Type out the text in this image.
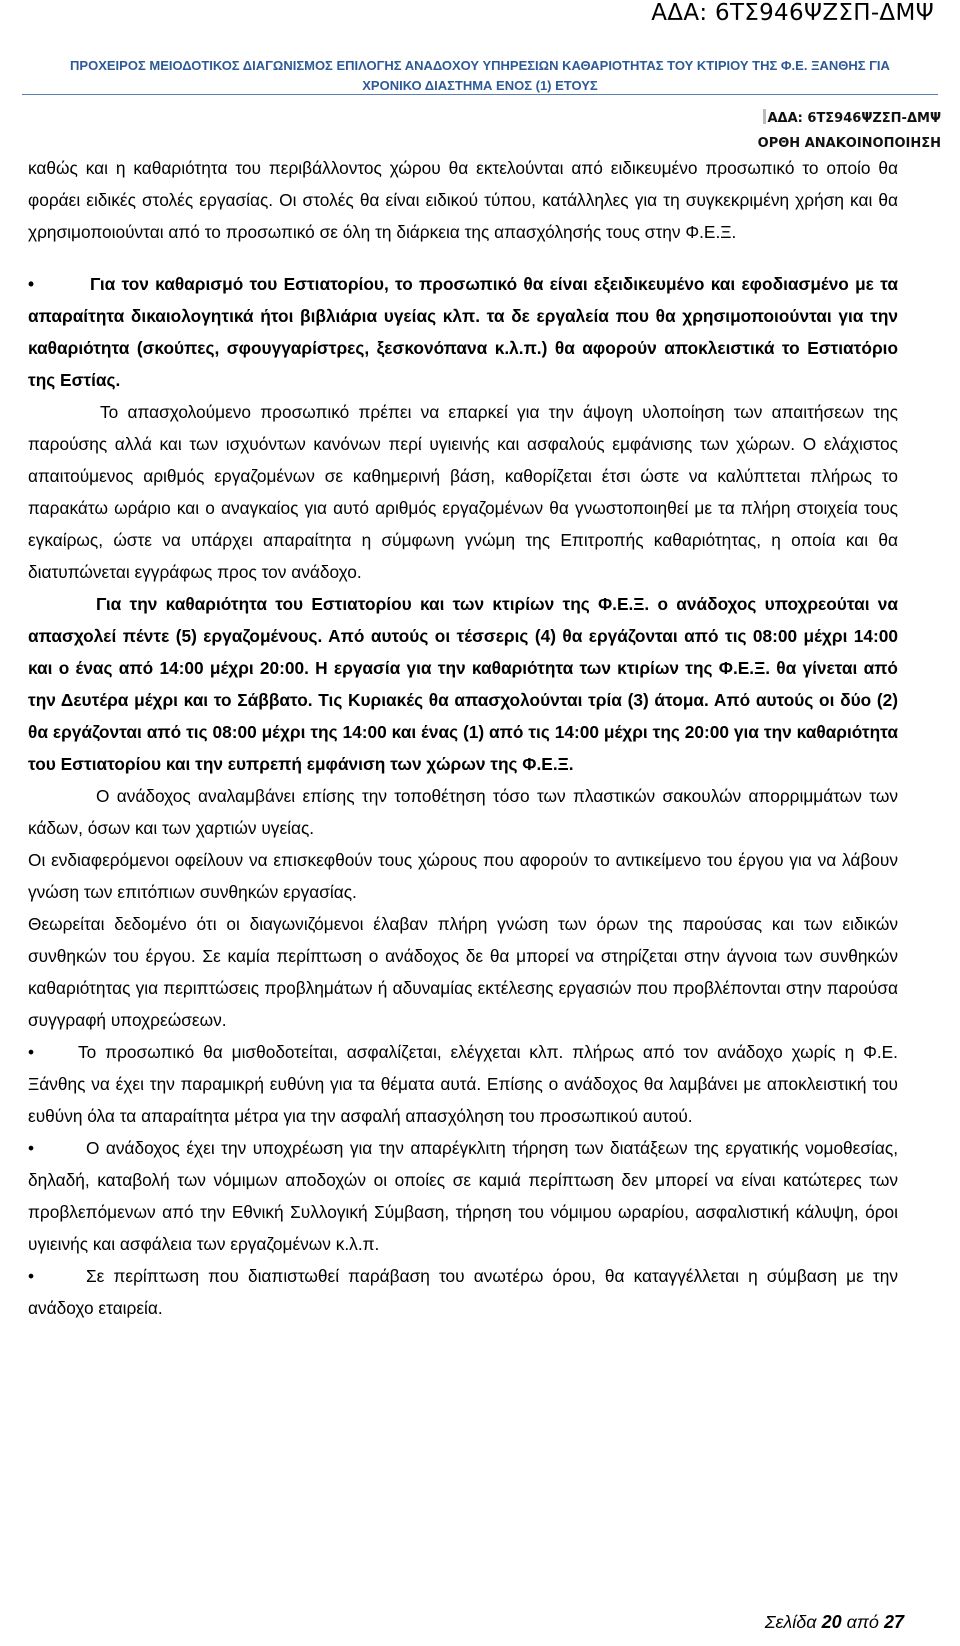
ΑΔΑ: 6ΤΣ946ΨΖΣΠ-ΔΜΨ
ΠΡΟΧΕΙΡΟΣ ΜΕΙΟΔΟΤΙΚΟΣ ΔΙΑΓΩΝΙΣΜΟΣ ΕΠΙΛΟΓΗΣ ΑΝΑΔΟΧΟΥ ΥΠΗΡΕΣΙΩΝ ΚΑΘΑΡΙΟΤΗΤΑΣ ΤΟΥ ΚΤΙΡΙΟΥ ΤΗΣ Φ.Ε. ΞΑΝΘΗΣ ΓΙΑ
ΧΡΟΝΙΚΟ ΔΙΑΣΤΗΜΑ ΕΝΟΣ (1) ΕΤΟΥΣ
ΑΔΑ: 6ΤΣ946ΨΖΣΠ-ΔΜΨ
ΟΡΘΗ ΑΝΑΚΟΙΝΟΠΟΙΗΣΗ

καθώς και η καθαριότητα του περιβάλλοντος χώρου θα εκτελούνται από ειδικευμένο προσωπικό το οποίο θα φοράει ειδικές στολές εργασίας. Οι στολές θα είναι ειδικού τύπου, κατάλληλες για τη συγκεκριμένη χρήση και θα χρησιμοποιούνται από το προσωπικό σε όλη τη διάρκεια της απασχόλησής τους στην Φ.Ε.Ξ.

•	Για τον καθαρισμό του Εστιατορίου, το προσωπικό θα είναι εξειδικευμένο και εφοδιασμένο με τα απαραίτητα δικαιολογητικά ήτοι βιβλιάρια υγείας κλπ. τα δε εργαλεία που θα χρησιμοποιούνται για την καθαριότητα (σκούπες, σφουγγαρίστρες, ξεσκονόπανα κ.λ.π.) θα αφορούν αποκλειστικά το Εστιατόριο της Εστίας.

Το απασχολούμενο προσωπικό πρέπει να επαρκεί για την άψογη υλοποίηση των απαιτήσεων της παρούσης αλλά και των ισχυόντων κανόνων περί υγιεινής και ασφαλούς εμφάνισης των χώρων. Ο ελάχιστος απαιτούμενος αριθμός εργαζομένων σε καθημερινή βάση, καθορίζεται έτσι ώστε να καλύπτεται πλήρως το παρακάτω ωράριο και ο αναγκαίος για αυτό αριθμός εργαζομένων θα γνωστοποιηθεί με τα πλήρη στοιχεία τους εγκαίρως, ώστε να υπάρχει απαραίτητα η σύμφωνη γνώμη της Επιτροπής καθαριότητας, η οποία και θα διατυπώνεται εγγράφως προς τον ανάδοχο.

Για την καθαριότητα του Εστιατορίου και των κτιρίων της Φ.Ε.Ξ. ο ανάδοχος υποχρεούται να απασχολεί πέντε (5) εργαζομένους. Από αυτούς οι τέσσερις (4) θα εργάζονται από τις 08:00 μέχρι 14:00 και ο ένας από 14:00 μέχρι 20:00. Η εργασία για την καθαριότητα των κτιρίων της Φ.Ε.Ξ. θα γίνεται από την Δευτέρα μέχρι και το Σάββατο. Τις Κυριακές θα απασχολούνται τρία (3) άτομα. Από αυτούς οι δύο (2) θα εργάζονται από τις 08:00 μέχρι της 14:00 και ένας (1) από τις 14:00 μέχρι της 20:00 για την καθαριότητα του Εστιατορίου και την ευπρεπή εμφάνιση των χώρων της Φ.Ε.Ξ.

Ο ανάδοχος αναλαμβάνει επίσης την τοποθέτηση τόσο των πλαστικών σακουλών απορριμμάτων των κάδων, όσων και των χαρτιών υγείας.

Οι ενδιαφερόμενοι οφείλουν να επισκεφθούν τους χώρους που αφορούν το αντικείμενο του έργου για να λάβουν γνώση των επιτόπιων συνθηκών εργασίας.

Θεωρείται δεδομένο ότι οι διαγωνιζόμενοι έλαβαν πλήρη γνώση των όρων της παρούσας και των ειδικών συνθηκών του έργου. Σε καμία περίπτωση ο ανάδοχος δε θα μπορεί να στηρίζεται στην άγνοια των συνθηκών καθαριότητας για περιπτώσεις προβλημάτων ή αδυναμίας εκτέλεσης εργασιών που προβλέπονται στην παρούσα συγγραφή υποχρεώσεων.

•	Το προσωπικό θα μισθοδοτείται, ασφαλίζεται, ελέγχεται κλπ. πλήρως από τον ανάδοχο χωρίς η Φ.Ε. Ξάνθης να έχει την παραμικρή ευθύνη για τα θέματα αυτά. Επίσης ο ανάδοχος θα λαμβάνει με αποκλειστική του ευθύνη όλα τα απαραίτητα μέτρα για την ασφαλή απασχόληση του προσωπικού αυτού.

•	Ο ανάδοχος έχει την υποχρέωση για την απαρέγκλιτη τήρηση των διατάξεων της εργατικής νομοθεσίας, δηλαδή, καταβολή των νόμιμων αποδοχών οι οποίες σε καμιά περίπτωση δεν μπορεί να είναι κατώτερες των προβλεπόμενων από την Εθνική Συλλογική Σύμβαση, τήρηση του νόμιμου ωραρίου, ασφαλιστική κάλυψη, όροι υγιεινής και ασφάλεια των εργαζομένων κ.λ.π.

•	Σε περίπτωση που διαπιστωθεί παράβαση του ανωτέρω όρου, θα καταγγέλλεται η σύμβαση με την ανάδοχο εταιρεία.

Σελίδα 20 από 27
